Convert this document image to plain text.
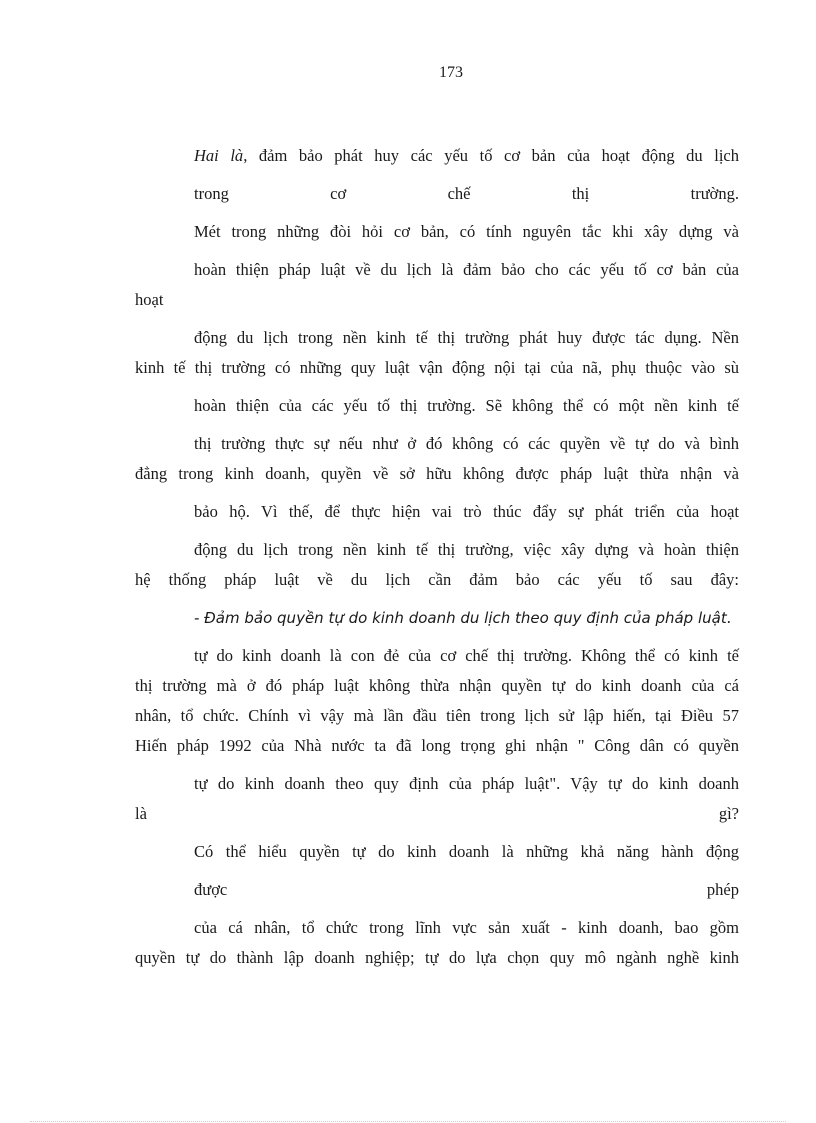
173
Hai là, đảm bảo phát huy các yếu tố cơ bản của hoạt động du lịch
trong cơ chế thị trường.
Mét trong những đòi hỏi cơ bản, có tính nguyên tắc khi xây dựng và
hoàn thiện pháp luật về du lịch là đảm bảo cho các yếu tố cơ bản của
hoạt
động du lịch trong nền kinh tế thị trường phát huy được tác dụng. Nền
kinh tế thị trường có những quy luật vận động nội tại của nã, phụ thuộc vào sù
hoàn thiện của các yếu tố thị trường. Sẽ không thể có một nền kinh tế
thị trường thực sự nếu như ở đó không có các quyền về tự do và bình
đẳng trong kinh doanh, quyền về sở hữu không được pháp luật thừa nhận và
bảo hộ. Vì thế, để thực hiện vai trò thúc đẩy sự phát triển của hoạt
động du lịch trong nền kinh tế thị trường, việc xây dựng và hoàn thiện
hệ thống pháp luật về du lịch cần đảm bảo các yếu tố sau đây:
- Đảm bảo quyền tự do kinh doanh du lịch theo quy định của pháp luật.
tự do kinh doanh là con đẻ của cơ chế thị trường. Không thể có kinh tế
thị trường mà ở đó pháp luật không thừa nhận quyền tự do kinh doanh của cá
nhân, tổ chức. Chính vì vậy mà lần đầu tiên trong lịch sử lập hiến, tại Điều 57
Hiến pháp 1992 của Nhà nước ta đã long trọng ghi nhận " Công dân có quyền
tự do kinh doanh theo quy định của pháp luật". Vậy tự do kinh doanh
là gì?
Có thể hiểu quyền tự do kinh doanh là những khả năng hành động
được phép
của cá nhân, tổ chức trong lĩnh vực sản xuất - kinh doanh, bao gồm
quyền tự do thành lập doanh nghiệp; tự do lựa chọn quy mô ngành nghề kinh
